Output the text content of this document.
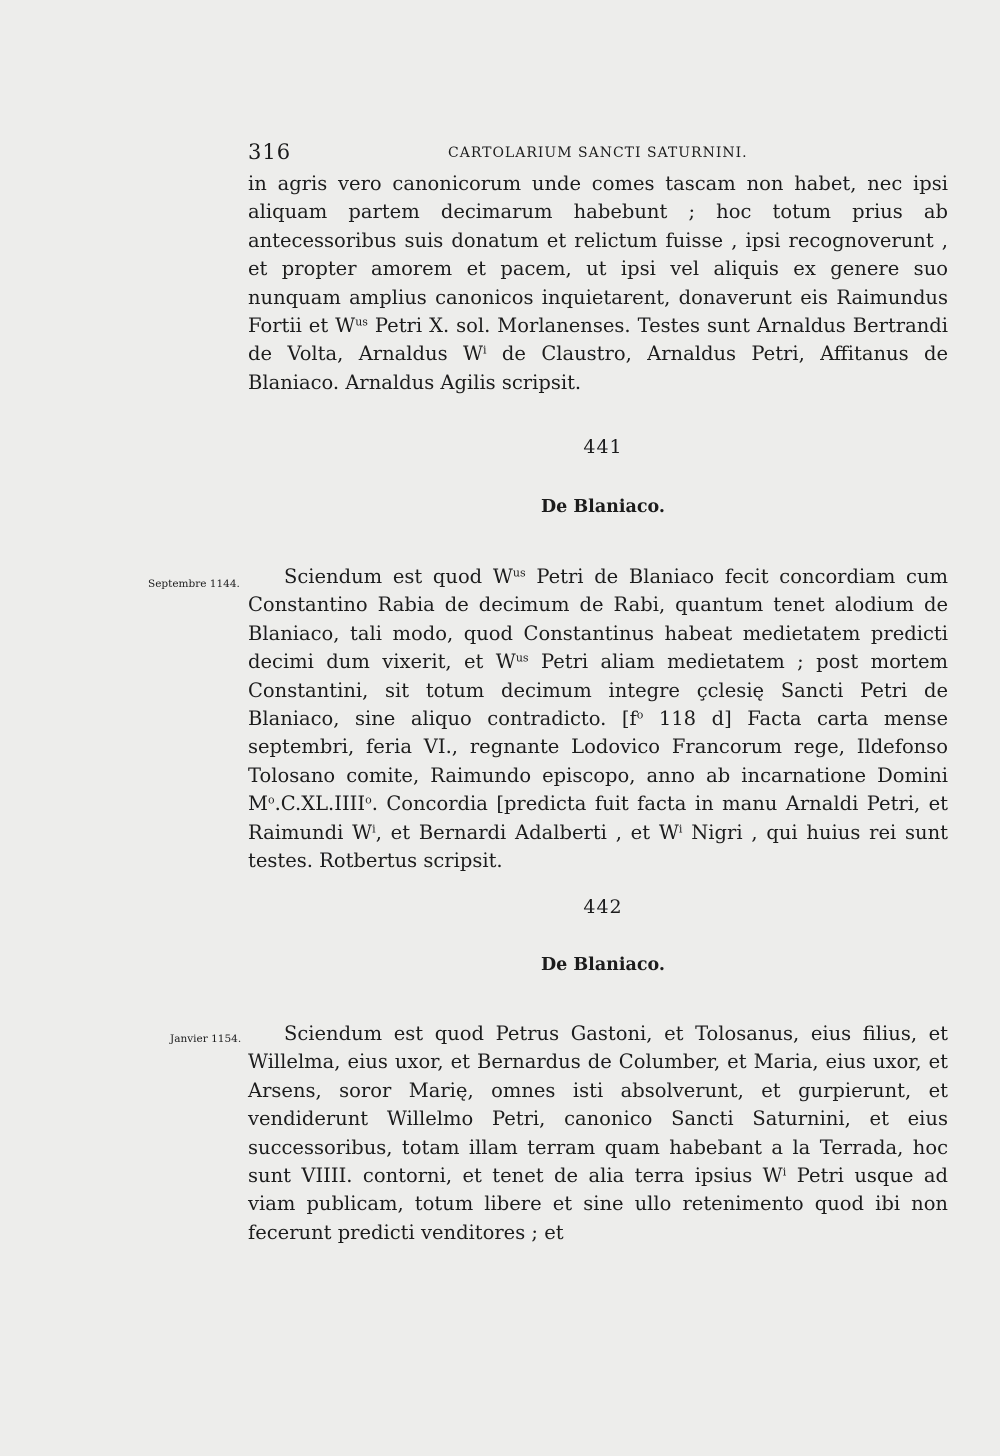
316	CARTOLARIUM SANCTI SATURNINI.

in agris vero canonicorum unde comes tascam non habet, nec ipsi aliquam partem decimarum habebunt ; hoc totum prius ab antecessoribus suis donatum et relictum fuisse , ipsi recognoverunt , et propter amorem et pacem, ut ipsi vel aliquis ex genere suo nunquam amplius canonicos inquietarent, donaverunt eis Raimundus Fortii et $W^{us}$ Petri X. sol. Morlanenses. Testes sunt Arnaldus Bertrandi de Volta, Arnaldus $W^i$ de Claustro, Arnaldus Petri, Affitanus de Blaniaco. Arnaldus Agilis scripsit.

441
De Blaniaco.
Septembre 1144.	Sciendum est quod $W^{us}$ Petri de Blaniaco fecit concordiam cum Constantino Rabia de decimum de Rabi, quantum tenet alodium de Blaniaco, tali modo, quod Constantinus habeat medietatem predicti decimi dum vixerit, et $W^{us}$ Petri aliam medietatem ; post mortem Constantini, sit totum decimum integre çclesię Sancti Petri de Blaniaco, sine aliquo contradicto. [$f^o$ 118 d] Facta carta mense septembri, feria VI., regnante Lodovico Francorum rege, Ildefonso Tolosano comite, Raimundo episcopo, anno ab incarnatione Domini $M^o.C.XL.IIII^o$. Concordia [predicta fuit facta in manu Arnaldi Petri, et Raimundi $W^i$, et Bernardi Adalberti , et $W^i$ Nigri , qui huius rei sunt testes. Rotbertus scripsit.

442
De Blaniaco.
Janvier 1154.	Sciendum est quod Petrus Gastoni, et Tolosanus, eius filius, et Willelma, eius uxor, et Bernardus de Columber, et Maria, eius uxor, et Arsens, soror Marię, omnes isti absolverunt, et gurpierunt, et vendiderunt Willelmo Petri, canonico Sancti Saturnini, et eius successoribus, totam illam terram quam habebant a la Terrada, hoc sunt VIIII. contorni, et tenet de alia terra ipsius $W^i$ Petri usque ad viam publicam, totum libere et sine ullo retenimento quod ibi non fecerunt predicti venditores ; et
